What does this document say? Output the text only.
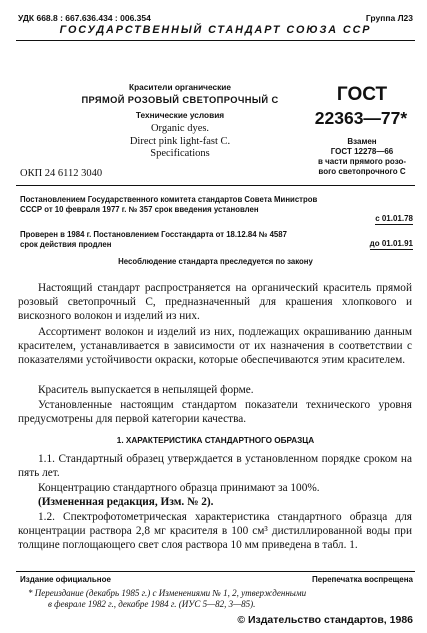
УДК 668.8 : 667.636.434 : 006.354	Группа Л23
ГОСУДАРСТВЕННЫЙ СТАНДАРТ СОЮЗА ССР
Красители органические
ПРЯМОЙ РОЗОВЫЙ СВЕТОПРОЧНЫЙ С
Технические условия
Organic dyes.
Direct pink light-fast C.
Specifications
ОКП 24 6112 3040
ГОСТ
22363—77*
Взамен
ГОСТ 12278—66
в части прямого розо-
вого светопрочного С
Постановлением Государственного комитета стандартов Совета Министров
СССР от 10 февраля 1977 г. № 357 срок введения установлен
с 01.01.78
Проверен в 1984 г. Постановлением Госстандарта от 18.12.84 № 4587
срок действия продлен	до 01.01.91
Несоблюдение стандарта преследуется по закону
Настоящий стандарт распространяется на органический краситель прямой розовый светопрочный С, предназначенный для крашения хлопкового и вискозного волокон и изделий из них.
Ассортимент волокон и изделий из них, подлежащих окрашиванию данным красителем, устанавливается в зависимости от их назначения в соответствии с показателями устойчивости окраски, которые обеспечиваются этим красителем.
Краситель выпускается в непылящей форме.
Установленные настоящим стандартом показатели технического уровня предусмотрены для первой категории качества.
1. ХАРАКТЕРИСТИКА СТАНДАРТНОГО ОБРАЗЦА
1.1. Стандартный образец утверждается в установленном порядке сроком на пять лет.
Концентрацию стандартного образца принимают за 100%.
(Измененная редакция, Изм. № 2).
1.2. Спектрофотометрическая характеристика стандартного образца для концентрации раствора 2,8 мг красителя в 100 см³ дистиллированной воды при толщине поглощающего свет слоя раствора 10 мм приведена в табл. 1.
Издание официальное	Перепечатка воспрещена
* Переиздание (декабрь 1985 г.) с Изменениями № 1, 2, утвержденными
в феврале 1982 г., декабре 1984 г. (ИУС 5—82, 3—85).
© Издательство стандартов, 1986
